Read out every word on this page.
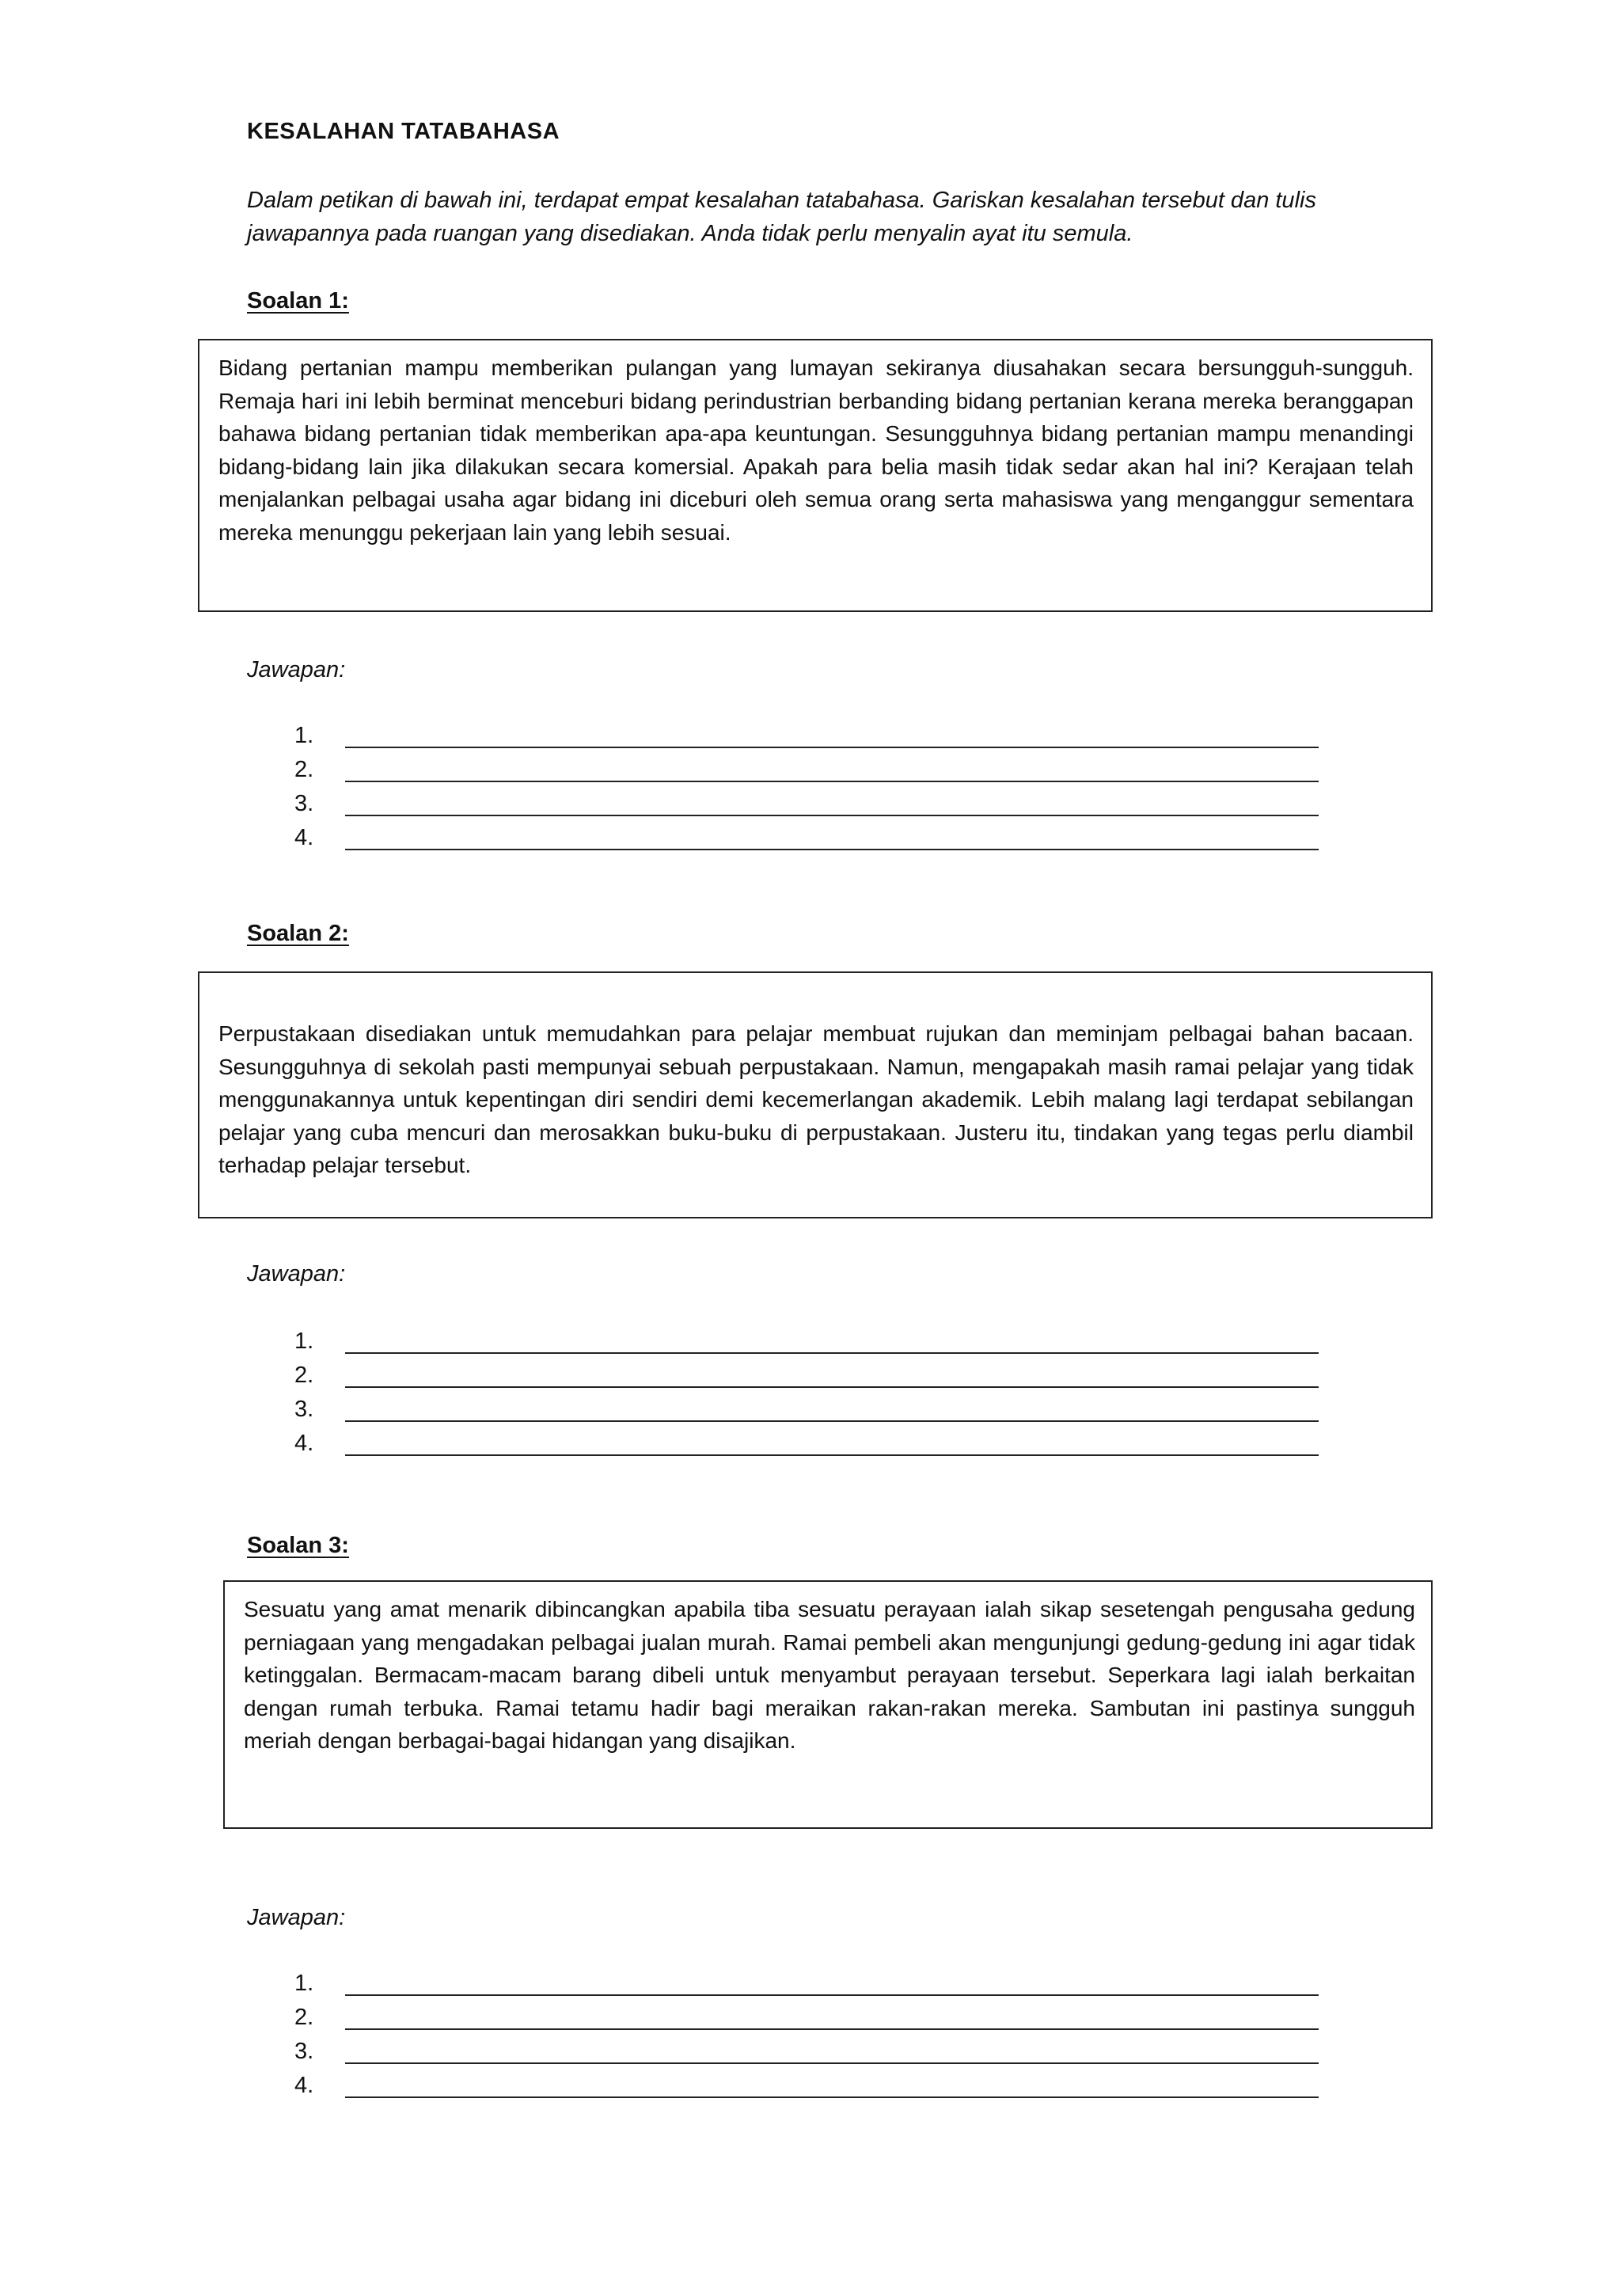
KESALAHAN TATABAHASA
Dalam petikan di bawah ini, terdapat empat kesalahan tatabahasa. Gariskan kesalahan tersebut dan tulis jawapannya pada ruangan yang disediakan. Anda tidak perlu menyalin ayat itu semula.
Soalan 1:

Bidang pertanian mampu memberikan pulangan yang lumayan sekiranya diusahakan secara bersungguh-sungguh. Remaja hari ini lebih berminat menceburi bidang perindustrian berbanding bidang pertanian kerana mereka beranggapan bahawa bidang pertanian tidak memberikan apa-apa keuntungan. Sesungguhnya bidang pertanian mampu menandingi bidang-bidang lain jika dilakukan secara komersial. Apakah para belia masih tidak sedar akan hal ini? Kerajaan telah menjalankan pelbagai usaha agar bidang ini diceburi oleh semua orang serta mahasiswa yang menganggur sementara mereka menunggu pekerjaan lain yang lebih sesuai.

Jawapan:
1.
2.
3.
4.
Soalan 2:

Perpustakaan disediakan untuk memudahkan para pelajar membuat rujukan dan meminjam pelbagai bahan bacaan. Sesungguhnya di sekolah pasti mempunyai sebuah perpustakaan. Namun, mengapakah masih ramai pelajar yang tidak menggunakannya untuk kepentingan diri sendiri demi kecemerlangan akademik. Lebih malang lagi terdapat sebilangan pelajar yang cuba mencuri dan merosakkan buku-buku di perpustakaan. Justeru itu, tindakan yang tegas perlu diambil terhadap pelajar tersebut.

Jawapan:
1.
2.
3.
4.
Soalan 3:

Sesuatu yang amat menarik dibincangkan apabila tiba sesuatu perayaan ialah sikap sesetengah pengusaha gedung perniagaan yang mengadakan pelbagai jualan murah. Ramai pembeli akan mengunjungi gedung-gedung ini agar tidak ketinggalan. Bermacam-macam barang dibeli untuk menyambut perayaan tersebut. Seperkara lagi ialah berkaitan dengan rumah terbuka. Ramai tetamu hadir bagi meraikan rakan-rakan mereka. Sambutan ini pastinya sungguh meriah dengan berbagai-bagai hidangan yang disajikan.

Jawapan:
1.
2.
3.
4.
